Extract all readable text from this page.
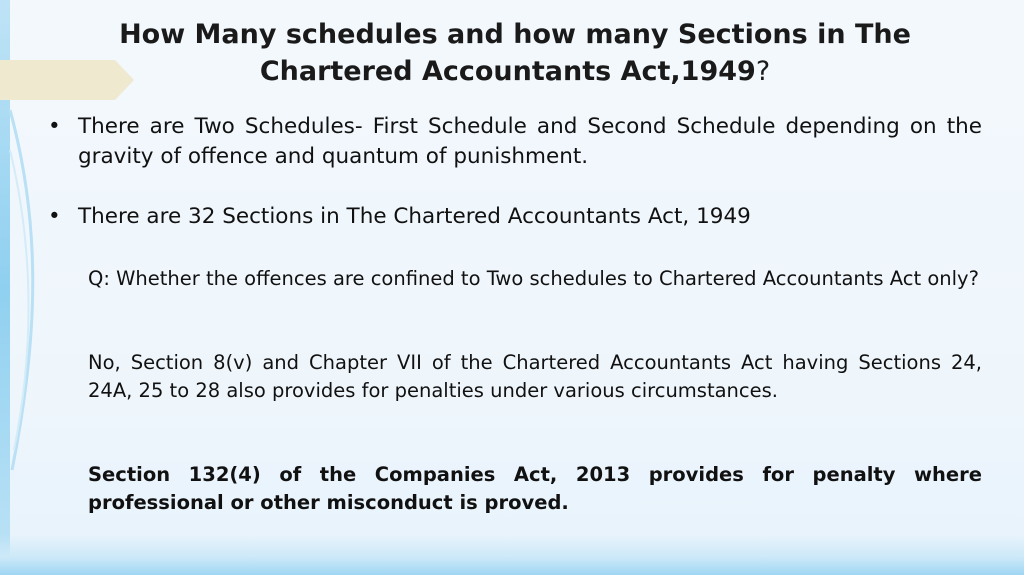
How Many schedules and how many Sections in The Chartered Accountants Act,1949?
• There are Two Schedules- First Schedule and Second Schedule depending on the gravity of offence and quantum of punishment.
• There are 32 Sections in The Chartered Accountants Act, 1949

Q: Whether the offences are confined to Two schedules to Chartered Accountants Act only?

No, Section 8(v) and Chapter VII of the Chartered Accountants Act having Sections 24, 24A, 25 to 28 also provides for penalties under various circumstances.

Section 132(4) of the Companies Act, 2013 provides for penalty where professional or other misconduct is proved.
